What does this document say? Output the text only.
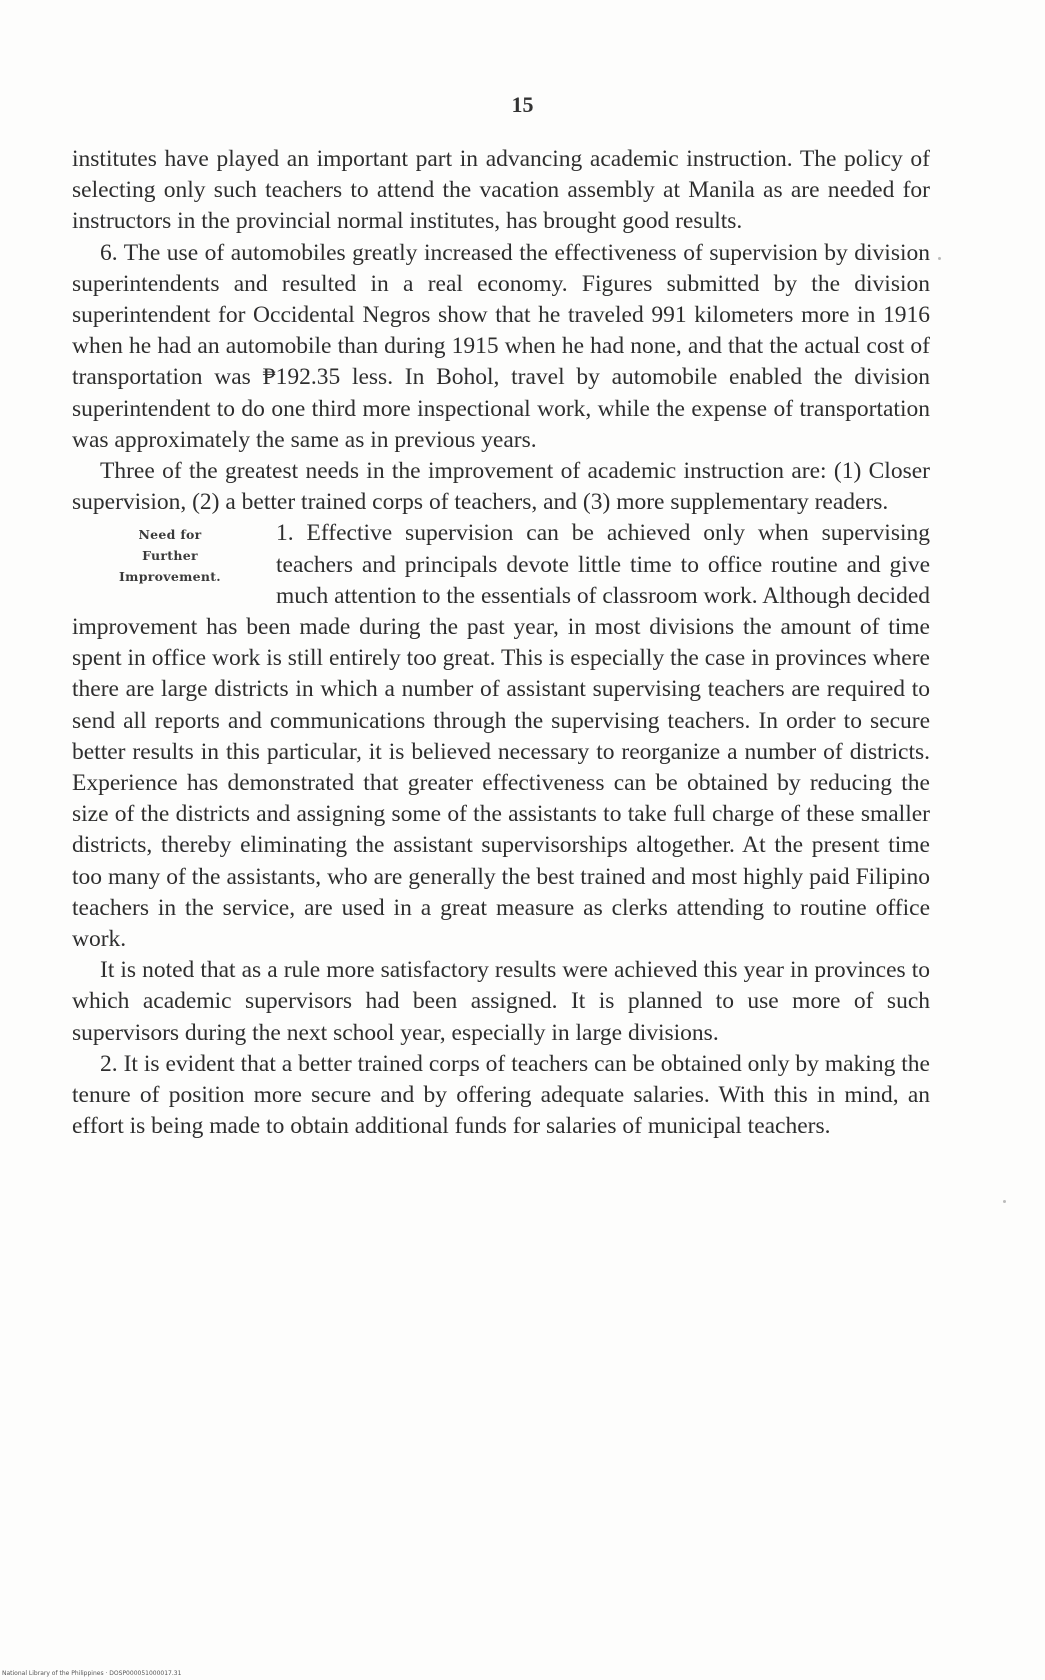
15

institutes have played an important part in advancing academic instruction. The policy of selecting only such teachers to attend the vacation assembly at Manila as are needed for instructors in the provincial normal institutes, has brought good results.

6. The use of automobiles greatly increased the effectiveness of supervision by division superintendents and resulted in a real economy. Figures submitted by the division superintendent for Occidental Negros show that he traveled 991 kilometers more in 1916 when he had an automobile than during 1915 when he had none, and that the actual cost of transportation was ₱192.35 less. In Bohol, travel by automobile enabled the division superintendent to do one third more inspectional work, while the expense of transportation was approximately the same as in previous years.

Three of the greatest needs in the improvement of academic instruction are: (1) Closer supervision, (2) a better trained corps of teachers, and (3) more supplementary readers.

Need for
Further
Improvement.

1. Effective supervision can be achieved only when supervising teachers and principals devote little time to office routine and give much attention to the essentials of classroom work. Although decided improvement has been made during the past year, in most divisions the amount of time spent in office work is still entirely too great. This is especially the case in provinces where there are large districts in which a number of assistant supervising teachers are required to send all reports and communications through the supervising teachers. In order to secure better results in this particular, it is believed necessary to reorganize a number of districts. Experience has demonstrated that greater effectiveness can be obtained by reducing the size of the districts and assigning some of the assistants to take full charge of these smaller districts, thereby eliminating the assistant supervisorships altogether. At the present time too many of the assistants, who are generally the best trained and most highly paid Filipino teachers in the service, are used in a great measure as clerks attending to routine office work.

It is noted that as a rule more satisfactory results were achieved this year in provinces to which academic supervisors had been assigned. It is planned to use more of such supervisors during the next school year, especially in large divisions.

2. It is evident that a better trained corps of teachers can be obtained only by making the tenure of position more secure and by offering adequate salaries. With this in mind, an effort is being made to obtain additional funds for salaries of municipal teachers.

National Library of the Philippines · DOSP000051000017.31
